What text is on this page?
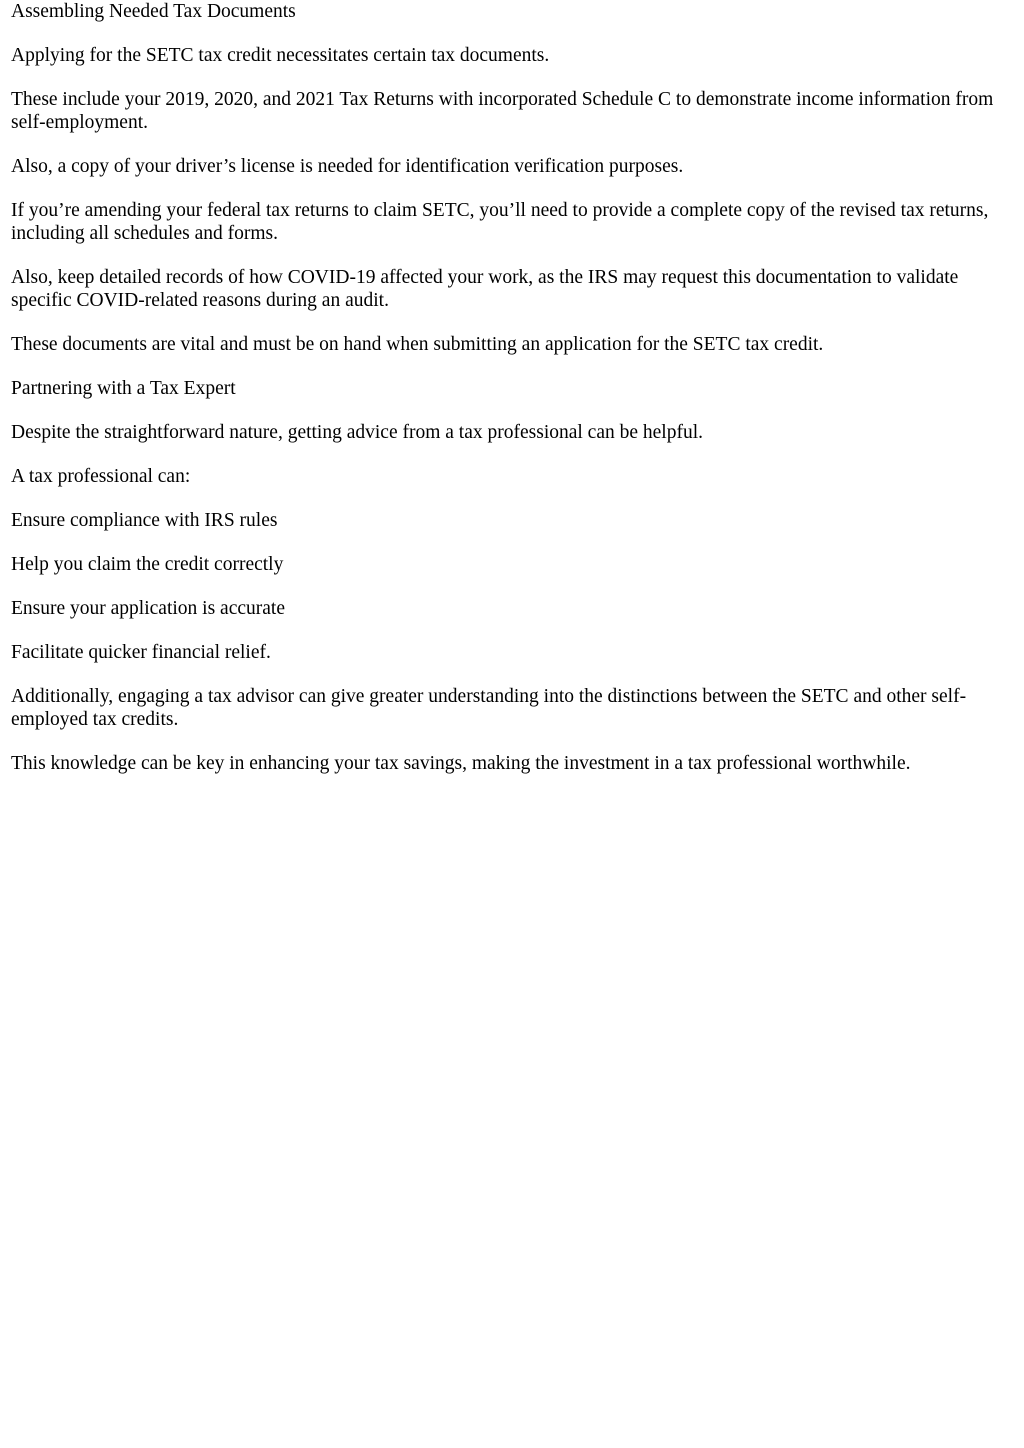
Assembling Needed Tax Documents

Applying for the SETC tax credit necessitates certain tax documents.

These include your 2019, 2020, and 2021 Tax Returns with incorporated Schedule C to demonstrate income information from self-employment.

Also, a copy of your driver’s license is needed for identification verification purposes.

If you’re amending your federal tax returns to claim SETC, you’ll need to provide a complete copy of the revised tax returns, including all schedules and forms.

Also, keep detailed records of how COVID-19 affected your work, as the IRS may request this documentation to validate specific COVID-related reasons during an audit.

These documents are vital and must be on hand when submitting an application for the SETC tax credit.

Partnering with a Tax Expert

Despite the straightforward nature, getting advice from a tax professional can be helpful.

A tax professional can:

Ensure compliance with IRS rules

Help you claim the credit correctly

Ensure your application is accurate

Facilitate quicker financial relief.

Additionally, engaging a tax advisor can give greater understanding into the distinctions between the SETC and other self-employed tax credits.

This knowledge can be key in enhancing your tax savings, making the investment in a tax professional worthwhile.
